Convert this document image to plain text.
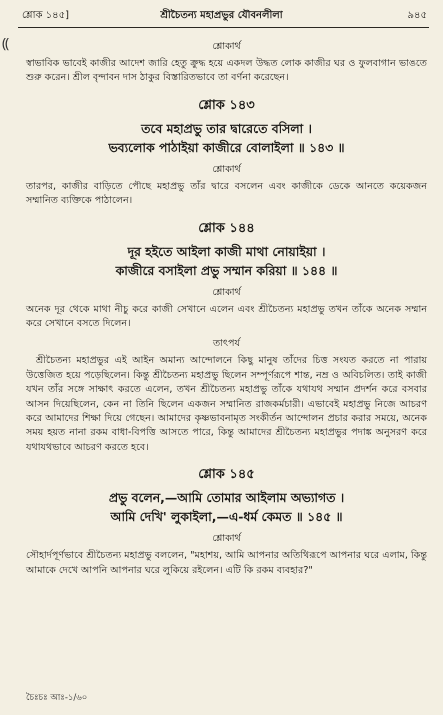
শ্লোক ১৪৫]	শ্রীচৈতন্য মহাপ্রভুর যৌবনলীলা	৯৪৫
⸨	শ্লোকার্থ

স্বাভাবিক ভাবেই কাজীর আদেশ জারি হেতু ক্রুদ্ধ হয়ে একদল উদ্ধত লোক কাজীর ঘর ও ফুলবাগান ভাঙতে শুরু করেন। শ্রীল বৃন্দাবন দাস ঠাকুর বিস্তারিতভাবে তা বর্ণনা করেছেন।

শ্লোক ১৪৩

তবে মহাপ্রভু তার দ্বারেতে বসিলা ।

ভব্যলোক পাঠাইয়া কাজীরে বোলাইলা ॥ ১৪৩ ॥

শ্লোকার্থ

তারপর, কাজীর বাড়িতে পৌছে মহাপ্রভু তাঁর দ্বারে বসলেন এবং কাজীকে ডেকে আনতে কয়েকজন সম্মানিত ব্যক্তিকে পাঠালেন।

শ্লোক ১৪৪

দূর হইতে আইলা কাজী মাথা নোয়াইয়া ।

কাজীরে বসাইলা প্রভু সম্মান করিয়া ॥ ১৪৪ ॥

শ্লোকার্থ

অনেক দূর থেকে মাথা নীচু করে কাজী সেখানে এলেন এবং শ্রীচৈতন্য মহাপ্রভু তখন তাঁকে অনেক সম্মান করে সেখানে বসতে দিলেন।

তাৎপর্য

শ্রীচৈতন্য মহাপ্রভুর এই আইন অমান্য আন্দোলনে কিছু মানুষ তাঁদের চিত্ত সংযত করতে না পারায় উত্তেজিত হয়ে পড়েছিলেন। কিন্তু শ্রীচৈতন্য মহাপ্রভু ছিলেন সম্পূর্ণরূপে শান্ত, নম্র ও অবিচলিত। তাই কাজী যখন তাঁর সঙ্গে সাক্ষাৎ করতে এলেন, তখন শ্রীচৈতন্য মহাপ্রভু তাঁকে যথাযথ সম্মান প্রদর্শন করে বসবার আসন দিয়েছিলেন, কেন না তিনি ছিলেন একজন সম্মানিত রাজকর্মচারী। এভাবেই মহাপ্রভু নিজে আচরণ করে আমাদের শিক্ষা দিয়ে গেছেন। আমাদের কৃষ্ণভাবনামৃত সংকীর্তন আন্দোলন প্রচার করার সময়ে, অনেক সময় হয়ত নানা রকম বাধা-বিপত্তি আসতে পারে, কিন্তু আমাদের শ্রীচৈতন্য মহাপ্রভুর পদাঙ্ক অনুসরণ করে যথাযথভাবে আচরণ করতে হবে।

শ্লোক ১৪৫

প্রভু বলেন,—আমি তোমার আইলাম অভ্যাগত ।

আমি দেখি' লুকাইলা,—এ-ধর্ম কেমত ॥ ১৪৫ ॥

শ্লোকার্থ

সৌহার্দপূর্ণভাবে শ্রীচৈতন্য মহাপ্রভু বললেন, "মহাশয়, আমি আপনার অতিথিরূপে আপনার ঘরে এলাম, কিন্তু আমাকে দেখে আপনি আপনার ঘরে লুকিয়ে রইলেন। এটি কি রকম ব্যবহার?"

চৈঃচঃ আঃ-১/৬০
